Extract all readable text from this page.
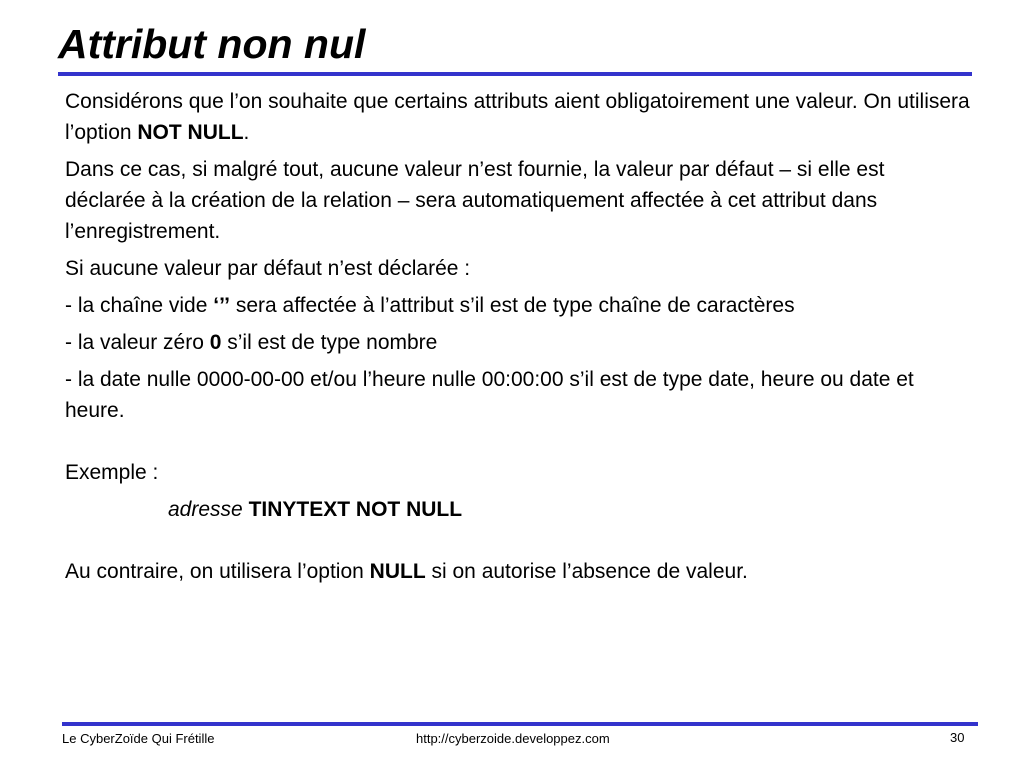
Attribut non nul

Considérons que l’on souhaite que certains attributs aient obligatoirement une valeur. On utilisera l’option NOT NULL.

Dans ce cas, si malgré tout, aucune valeur n’est fournie, la valeur par défaut – si elle est déclarée à la création de la relation – sera automatiquement affectée à cet attribut dans l’enregistrement.

Si aucune valeur par défaut n’est déclarée :

- la chaîne vide ‘’’ sera affectée à l’attribut s’il est de type chaîne de caractères

- la valeur zéro 0 s’il est de type nombre

- la date nulle 0000-00-00 et/ou l’heure nulle 00:00:00 s’il est de type date, heure ou date et heure.

Exemple :

adresse TINYTEXT NOT NULL

Au contraire, on utilisera l’option NULL si on autorise l’absence de valeur.

Le CyberZoïde Qui Frétille	http://cyberzoide.developpez.com	30
